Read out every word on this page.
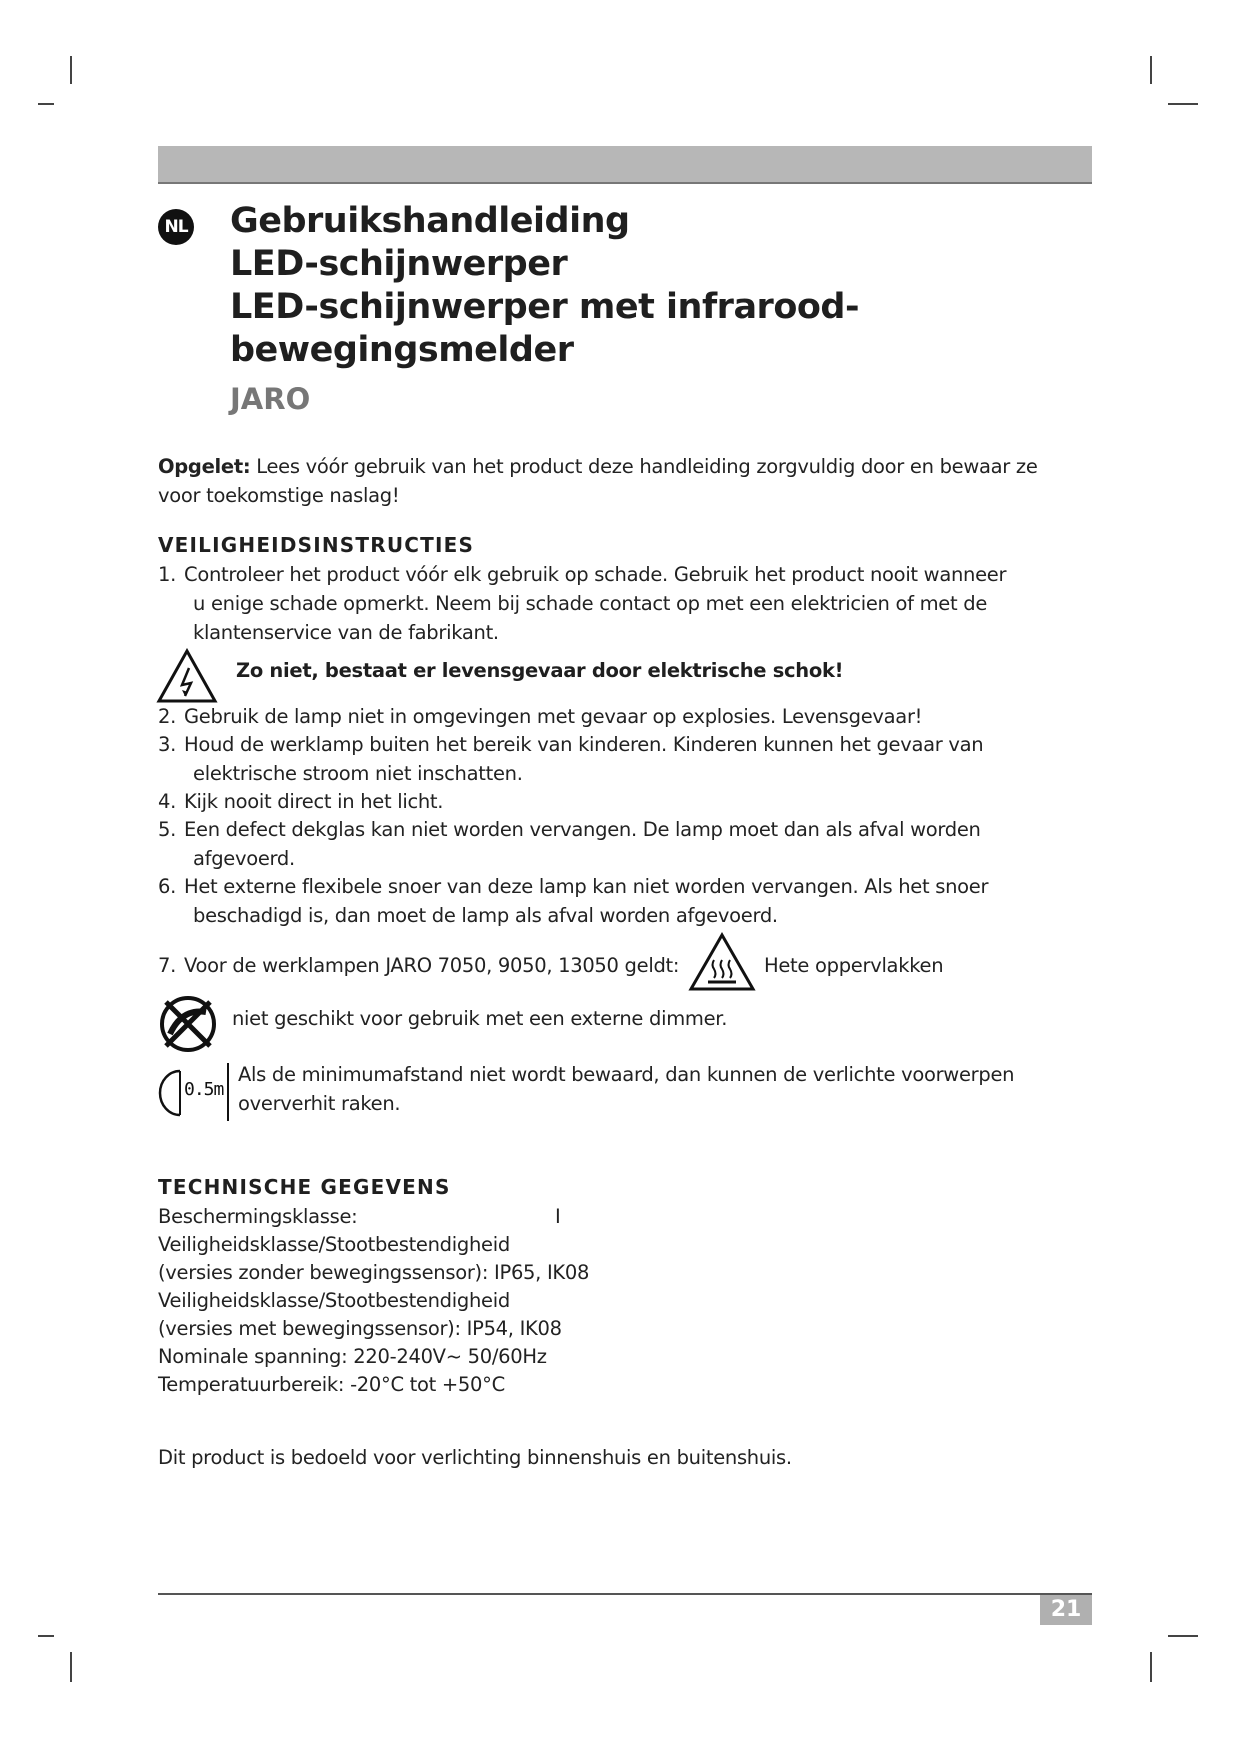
NL Gebruikshandleiding
LED-schijnwerper
LED-schijnwerper met infrarood-
bewegingsmelder
JARO
Opgelet: Lees vóór gebruik van het product deze handleiding zorgvuldig door en bewaar ze voor toekomstige naslag!
VEILIGHEIDSINSTRUCTIES
1. Controleer het product vóór elk gebruik op schade. Gebruik het product nooit wanneer
u enige schade opmerkt. Neem bij schade contact op met een elektricien of met de klantenservice van de fabrikant.
Zo niet, bestaat er levensgevaar door elektrische schok!
2. Gebruik de lamp niet in omgevingen met gevaar op explosies. Levensgevaar!
3. Houd de werklamp buiten het bereik van kinderen. Kinderen kunnen het gevaar van
elektrische stroom niet inschatten.
4. Kijk nooit direct in het licht.
5. Een defect dekglas kan niet worden vervangen. De lamp moet dan als afval worden
afgevoerd.
6. Het externe flexibele snoer van deze lamp kan niet worden vervangen. Als het snoer
beschadigd is, dan moet de lamp als afval worden afgevoerd.
7. Voor de werklampen JARO 7050, 9050, 13050 geldt:	Hete oppervlakken
niet geschikt voor gebruik met een externe dimmer.
0.5m
Als de minimumafstand niet wordt bewaard, dan kunnen de verlichte voorwerpen oververhit raken.
TECHNISCHE GEGEVENS
Beschermingsklasse:	I
Veiligheidsklasse/Stootbestendigheid
(versies zonder bewegingssensor): IP65, IK08
Veiligheidsklasse/Stootbestendigheid
(versies met bewegingssensor): IP54, IK08
Nominale spanning: 220-240V~ 50/60Hz
Temperatuurbereik: -20°C tot +50°C
Dit product is bedoeld voor verlichting binnenshuis en buitenshuis.
21
